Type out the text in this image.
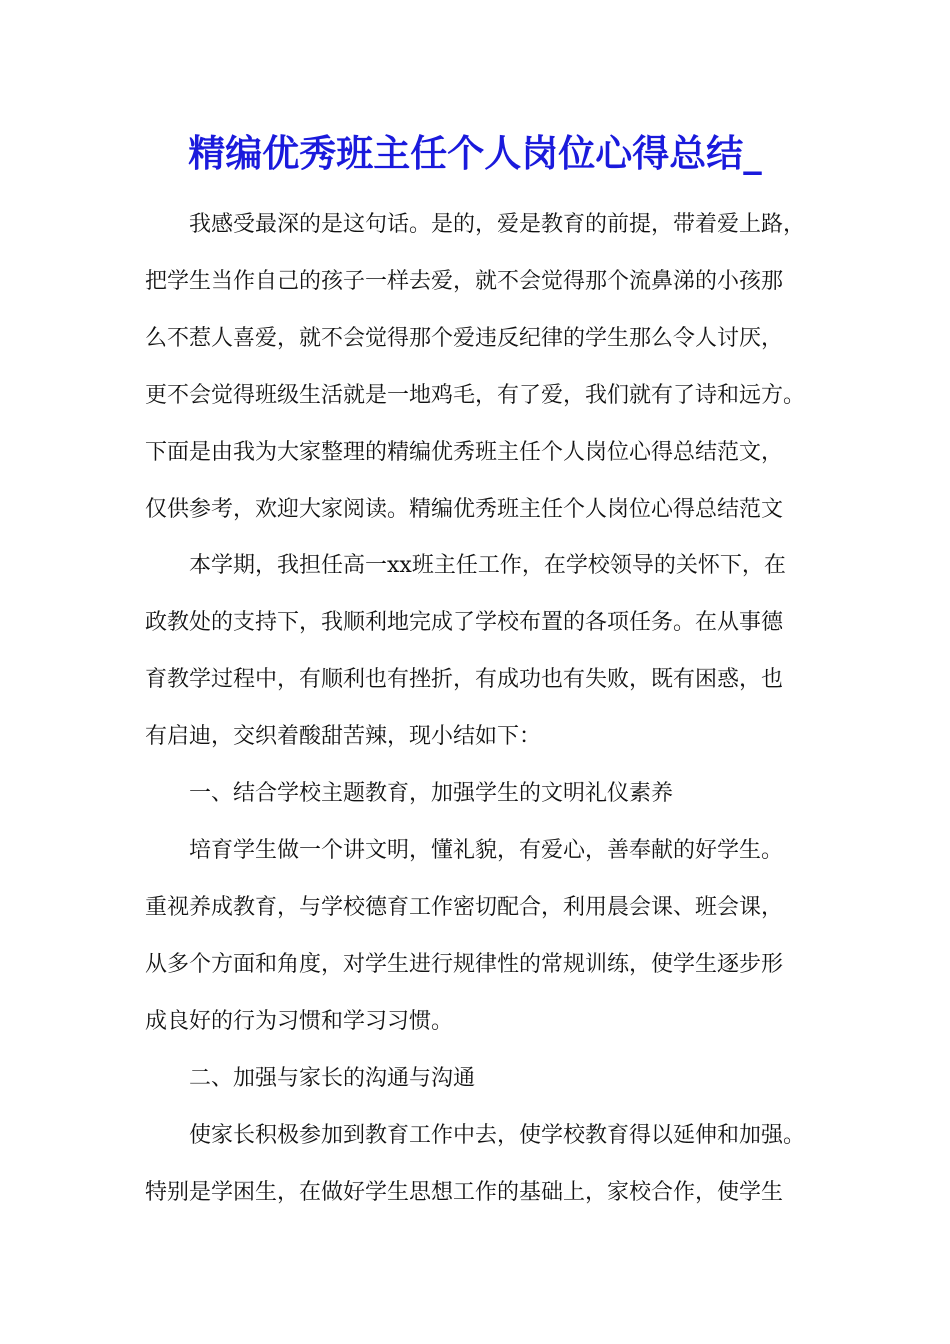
精编优秀班主任个人岗位心得总结_
我感受最深的是这句话。是的，爱是教育的前提，带着爱上路，
把学生当作自己的孩子一样去爱，就不会觉得那个流鼻涕的小孩那
么不惹人喜爱，就不会觉得那个爱违反纪律的学生那么令人讨厌，
更不会觉得班级生活就是一地鸡毛，有了爱，我们就有了诗和远方。
下面是由我为大家整理的精编优秀班主任个人岗位心得总结范文，
仅供参考，欢迎大家阅读。精编优秀班主任个人岗位心得总结范文
本学期，我担任高一xx班主任工作，在学校领导的关怀下，在
政教处的支持下，我顺利地完成了学校布置的各项任务。在从事德
育教学过程中，有顺利也有挫折，有成功也有失败，既有困惑，也
有启迪，交织着酸甜苦辣，现小结如下：
一、结合学校主题教育，加强学生的文明礼仪素养
培育学生做一个讲文明，懂礼貌，有爱心，善奉献的好学生。
重视养成教育，与学校德育工作密切配合，利用晨会课、班会课，
从多个方面和角度，对学生进行规律性的常规训练，使学生逐步形
成良好的行为习惯和学习习惯。
二、加强与家长的沟通与沟通
使家长积极参加到教育工作中去，使学校教育得以延伸和加强。
特别是学困生，在做好学生思想工作的基础上，家校合作，使学生
